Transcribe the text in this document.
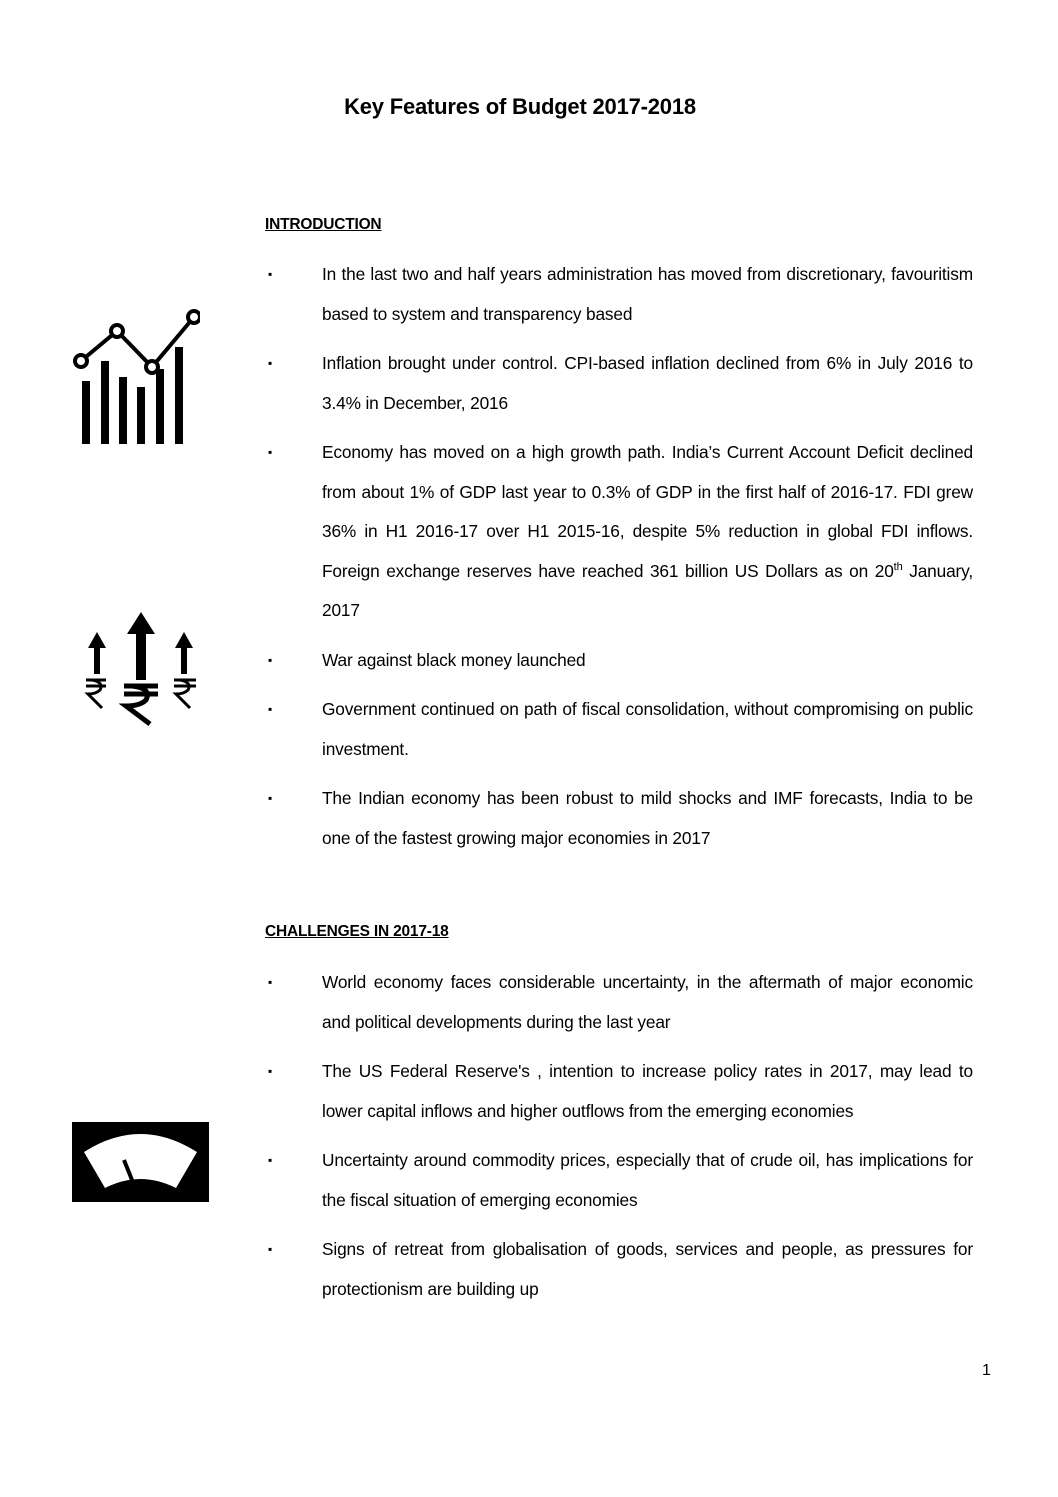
Key Features of Budget 2017-2018
INTRODUCTION
▪	In the last two and half years administration has moved from discretionary, favouritism based to system and transparency based
▪	Inflation brought under control. CPI-based inflation declined from 6% in July 2016 to 3.4% in December, 2016
▪	Economy has moved on a high growth path. India’s Current Account Deficit declined from about 1% of GDP last year to 0.3% of GDP in the first half of 2016-17. FDI grew 36% in H1 2016-17 over H1 2015-16, despite 5% reduction in global FDI inflows. Foreign exchange reserves have reached 361 billion US Dollars as on 20th January, 2017
▪	War against black money launched
▪	Government continued on path of fiscal consolidation, without compromising on public investment.
▪	The Indian economy has been robust to mild shocks and IMF forecasts, India to be one of the fastest growing major economies in 2017
CHALLENGES IN 2017-18
▪	World economy faces considerable uncertainty, in the aftermath of major economic and political developments during the last year
▪	The US Federal Reserve's , intention to increase policy rates in 2017, may lead to lower capital inflows and higher outflows from the emerging economies
▪	Uncertainty around commodity prices, especially that of crude oil, has implications for the fiscal situation of emerging economies
▪	Signs of retreat from globalisation of goods, services and people, as pressures for protectionism are building up
1
